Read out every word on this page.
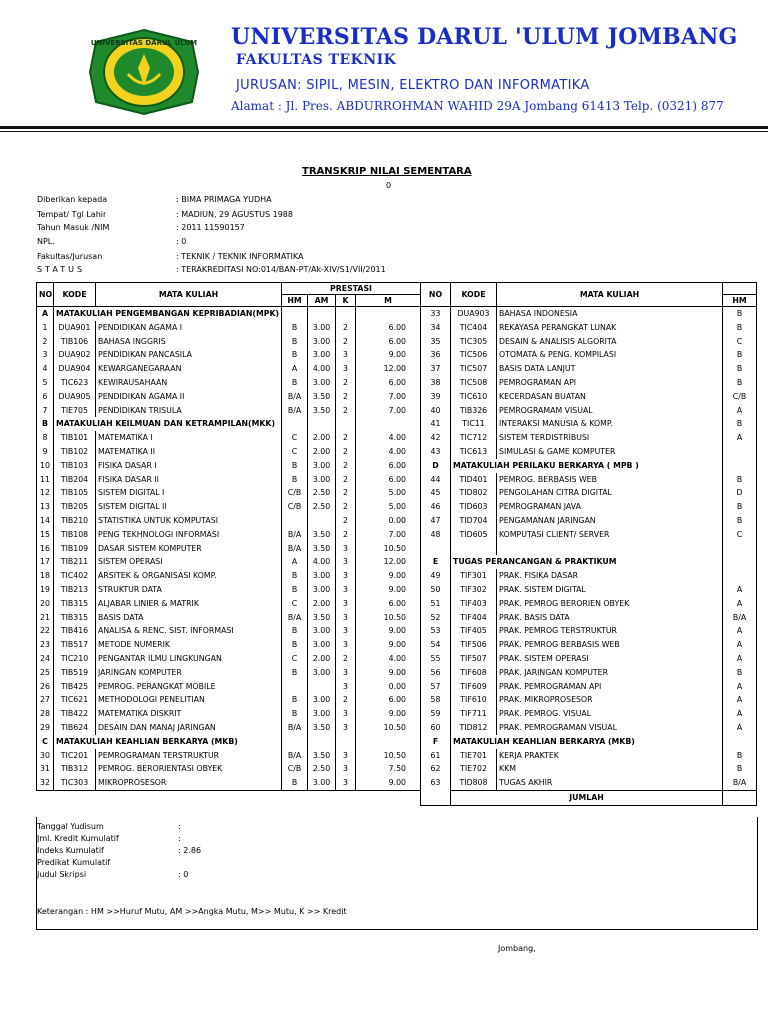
UNIVERSITAS DARUL ULUM UNIVERSITAS DARUL 'ULUM JOMBANG
FAKULTAS TEKNIK
JURUSAN: SIPIL, MESIN, ELEKTRO DAN INFORMATIKA
Alamat : Jl. Pres. ABDURROHMAN WAHID 29A Jombang 61413 Telp. (0321) 877
TRANSKRIP NILAI SEMENTARA
0
Diberikan kepada	: BIMA PRIMAGA YUDHA
Tempat/ Tgl Lahir	: MADIUN, 29 AGUSTUS 1988
Tahun Masuk /NIM	: 2011 11590157
NPL.	: 0
Fakultas/Jurusan	: TEKNIK / TEKNIK INFORMATIKA
STATUS	: TERAKREDITASI NO:014/BAN-PT/Ak-XIV/S1/VII/2011
NO	KODE	MATA KULIAH	PRESTASI			
			HM	AM	K	M
A	MATAKULIAH PENGEMBANGAN KEPRIBADIAN(MPK)					
1	DUA901	PENDIDIKAN AGAMA I	B	3.00	2	6.00
2	TIB106	BAHASA INGGRIS	B	3.00	2	6.00
3	DUA902	PENDIDIKAN PANCASILA	B	3.00	3	9.00
4	DUA904	KEWARGANEGARAAN	A	4.00	3	12.00
5	TIC623	KEWIRAUSAHAAN	B	3.00	2	6.00
6	DUA905	PENDIDIKAN AGAMA II	B/A	3.50	2	7.00
7	TIE705	PENDIDIKAN TRISULA	B/A	3.50	2	7.00
B	MATAKULIAH KEILMUAN DAN KETRAMPILAN(MKK)					
8	TIB101	MATEMATIKA I	C	2.00	2	4.00
9	TIB102	MATEMATIKA II	C	2.00	2	4.00
10	TIB103	FISIKA DASAR I	B	3.00	2	6.00
11	TIB204	FISIKA DASAR II	B	3.00	2	6.00
12	TIB105	SISTEM DIGITAL I	C/B	2.50	2	5.00
13	TIB205	SISTEM DIGITAL II	C/B	2.50	2	5.00
14	TIB210	STATISTIKA UNTUK KOMPUTASI			2	0.00
15	TIB108	PENG TEKHNOLOGI INFORMASI	B/A	3.50	2	7.00
16	TIB109	DASAR SISTEM KOMPUTER	B/A	3.50	3	10.50
17	TIB211	SISTEM OPERASI	A	4.00	3	12.00
18	TIC402	ARSITEK & ORGANISASI KOMP.	B	3.00	3	9.00
19	TIB213	STRUKTUR DATA	B	3.00	3	9.00
20	TIB315	ALJABAR LINIER & MATRIK	C	2.00	3	6.00
21	TIB315	BASIS DATA	B/A	3.50	3	10.50
22	TIB416	ANALISA & RENC. SIST. INFORMASI	B	3.00	3	9.00
23	TIB517	METODE NUMERIK	B	3.00	3	9.00
24	TIC210	PENGANTAR ILMU LINGKUNGAN	C	2.00	2	4.00
25	TIB519	JARINGAN KOMPUTER	B	3.00	3	9.00
26	TIB425	PEMROG. PERANGKAT MOBILE			3	0.00
27	TIC621	METHODOLOGI PENELITIAN	B	3.00	2	6.00
28	TIB422	MATEMATIKA DISKRIT	B	3.00	3	9.00
29	TIB624	DESAIN DAN MANAJ JARINGAN	B/A	3.50	3	10.50
C	MATAKULIAH KEAHLIAN BERKARYA (MKB)					
30	TIC201	PEMROGRAMAN TERSTRUKTUR	B/A	3.50	3	10.50
31	TIB312	PEMROG. BERORIENTASI OBYEK	C/B	2.50	3	7.50
32	TIC303	MIKROPROSESOR	B	3.00	3	9.00
NO	KODE	MATA KULIAH	
			HM
33	DUA903	BAHASA INDONESIA	B
34	TIC404	REKAYASA PERANGKAT LUNAK	B
35	TIC305	DESAIN & ANALISIS ALGORITA	C
36	TIC506	OTOMATA & PENG. KOMPILASI	B
37	TIC507	BASIS DATA LANJUT	B
38	TIC508	PEMROGRAMAN API	B
39	TIC610	KECERDASAN BUATAN	C/B
40	TIB326	PEMROGRAMAM VISUAL	A
41	TIC11	INTERAKSI MANUSIA & KOMP.	B
42	TIC712	SISTEM TERDISTRIBUSI	A
43	TIC613	SIMULASI & GAME KOMPUTER	
D	MATAKULIAH PERILAKU BERKARYA ( MPB )		
44	TID401	PEMROG. BERBASIS WEB	B
45	TID802	PENGOLAHAN CITRA DIGITAL	D
46	TID603	PEMROGRAMAN JAVA	B
47	TID704	PENGAMANAN JARINGAN	B
48	TID605	KOMPUTASI CLIENT/ SERVER	C

E	TUGAS PERANCANGAN & PRAKTIKUM		
49	TIF301	PRAK. FISIKA DASAR	
50	TIF302	PRAK. SISTEM DIGITAL	A
51	TIF403	PRAK. PEMROG BERORIEN OBYEK	A
52	TIF404	PRAK. BASIS DATA	B/A
53	TIF405	PRAK. PEMROG TERSTRUKTUR	A
54	TIF506	PRAK. PEMROG BERBASIS WEB	A
55	TIF507	PRAK. SISTEM OPERASI	A
56	TIF608	PRAK. JARINGAN KOMPUTER	B
57	TIF609	PRAK. PEMROGRAMAN API	A
58	TIF610	PRAK. MIKROPROSESOR	A
59	TIF711	PRAK. PEMROG. VISUAL	A
60	TID812	PRAK. PEMROGRAMAN VISUAL	A
F	MATAKULIAH KEAHLIAN BERKARYA (MKB)		
61	TIE701	KERJA PRAKTEK	B
62	TIE702	KKM	B
63	TID808	TUGAS AKHIR	B/A
	JUMLAH		
Tanggal Yudisum	:
Jml. Kredit Kumulatif	:
Indeks Kumulatif	: 2.86
Predikat Kumulatif
Judul Skripsi	: 0
Keterangan : HM >>Huruf Mutu, AM >>Angka Mutu, M>> Mutu, K >> Kredit
Jombang,
